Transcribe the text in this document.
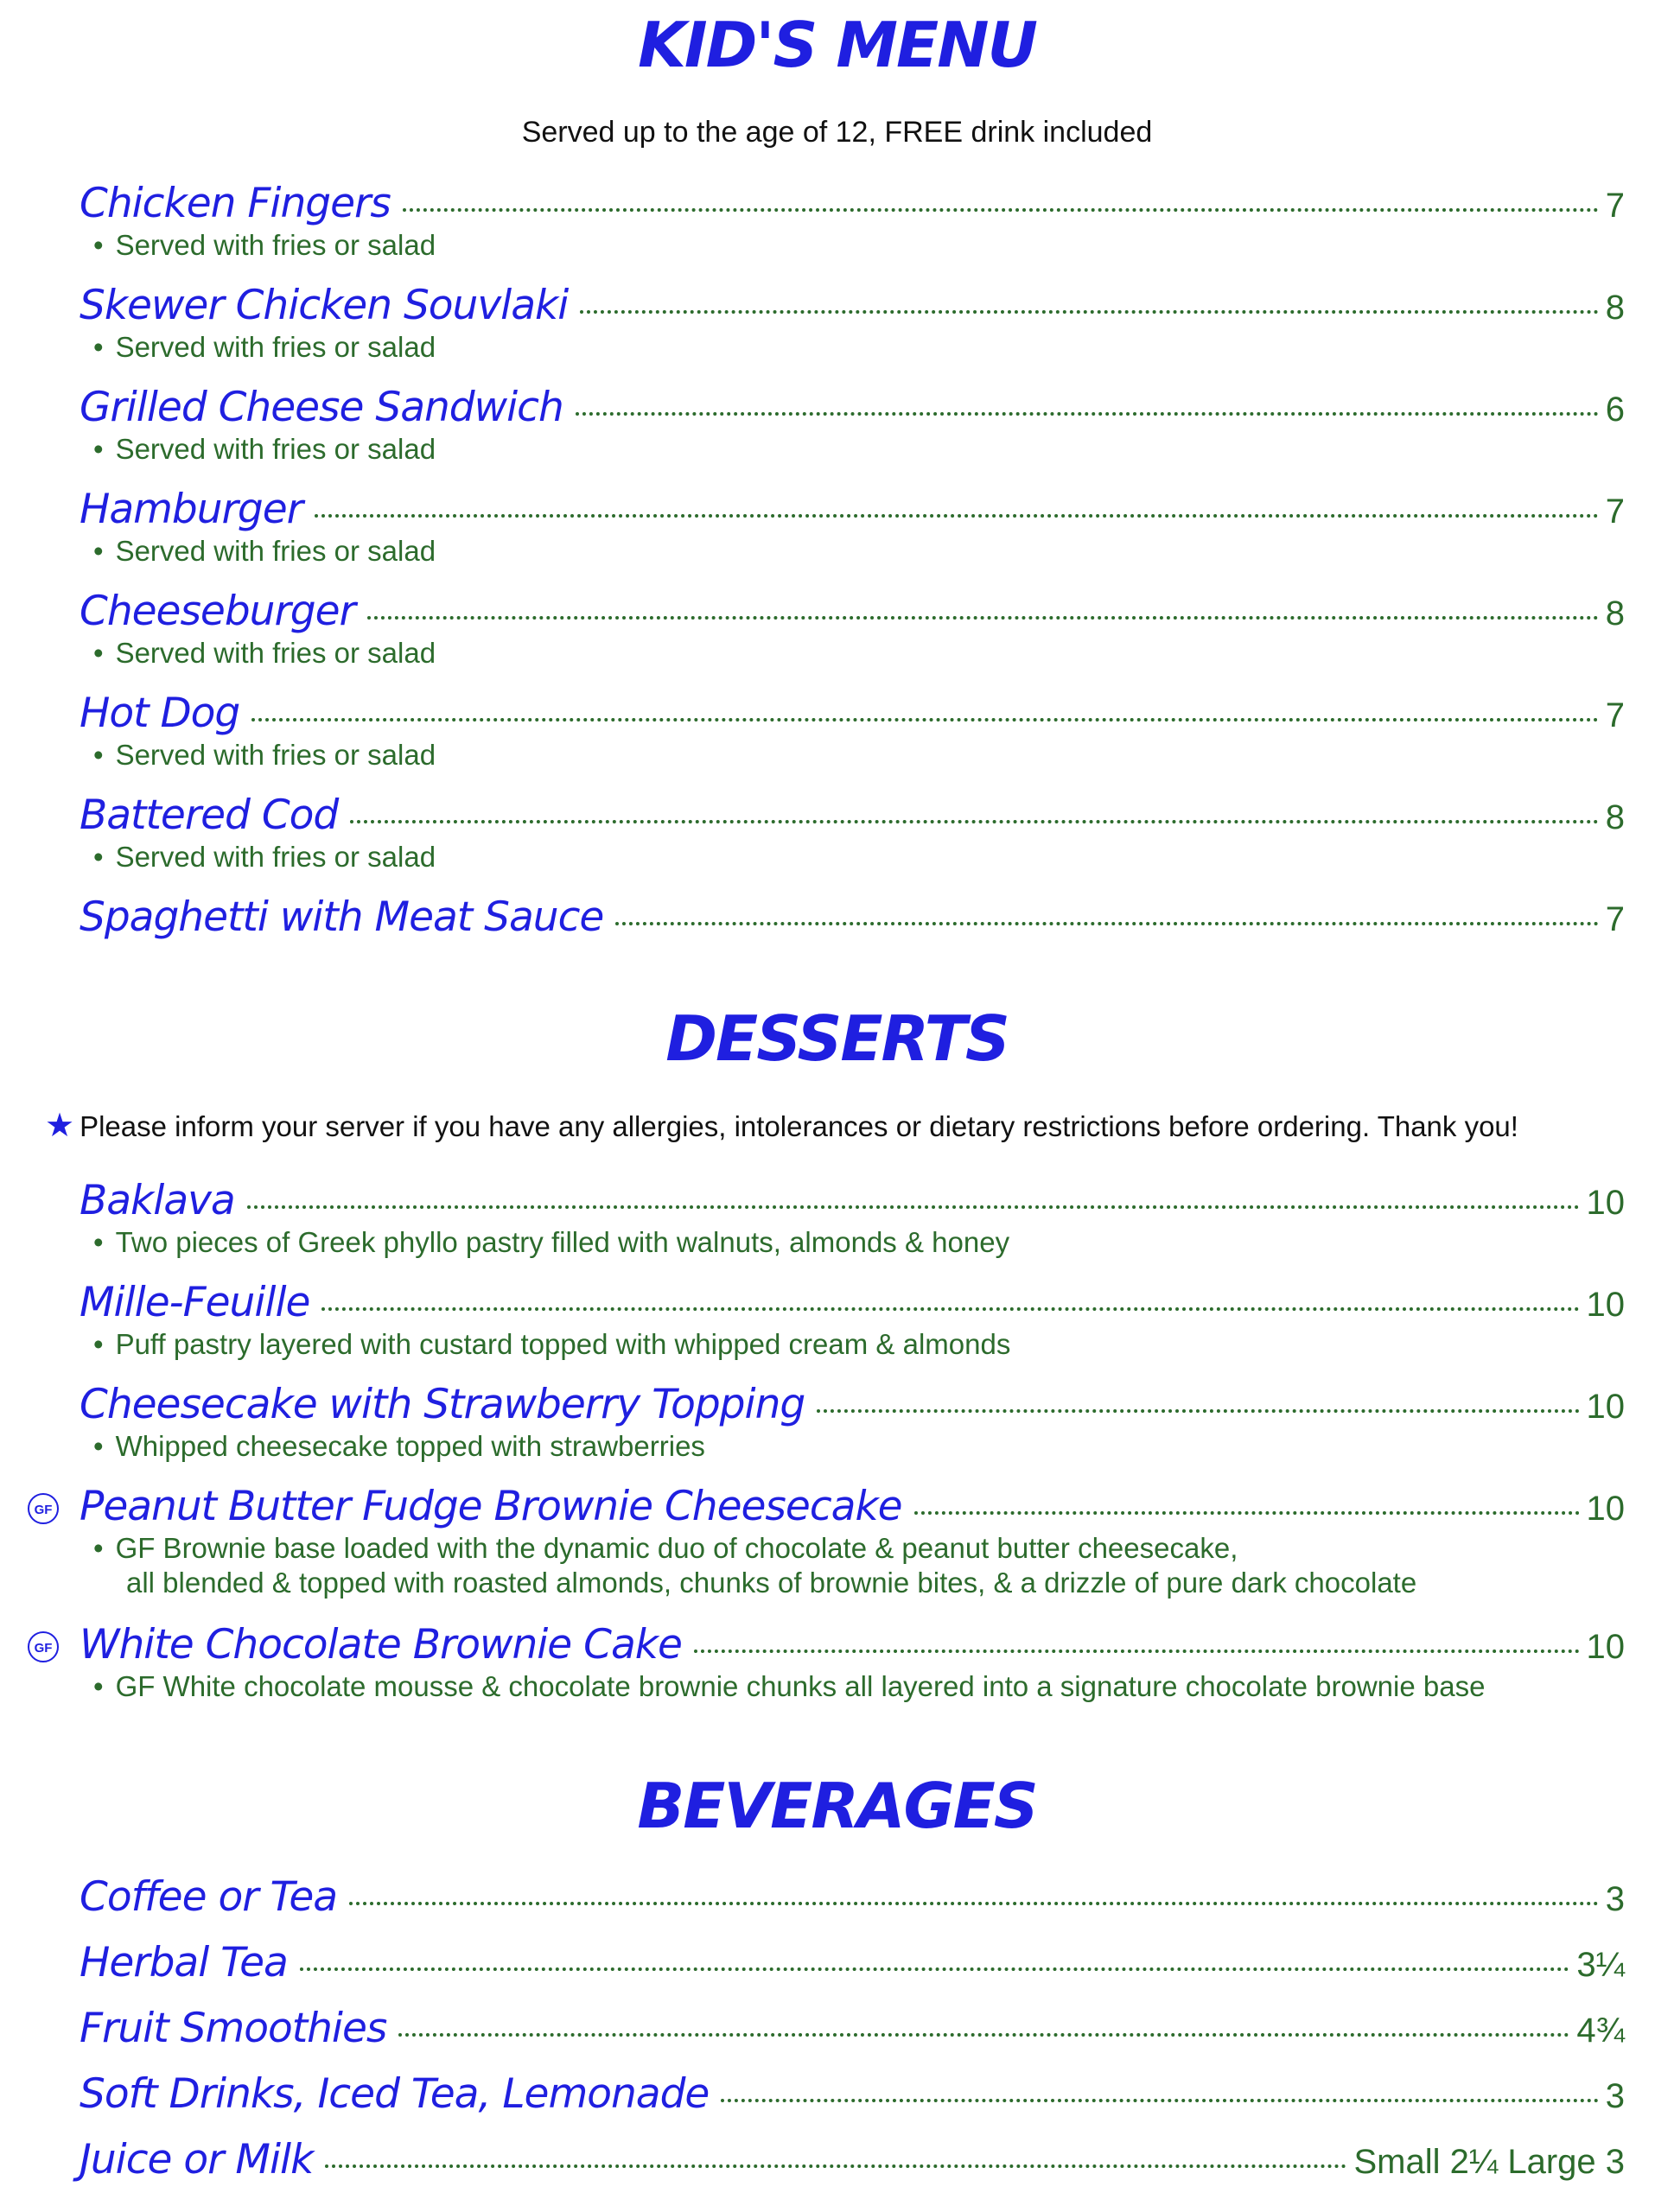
KID'S MENU
Served up to the age of 12, FREE drink included
Chicken Fingers	7
• Served with fries or salad
Skewer Chicken Souvlaki	8
• Served with fries or salad
Grilled Cheese Sandwich	6
• Served with fries or salad
Hamburger	7
• Served with fries or salad
Cheeseburger	8
• Served with fries or salad
Hot Dog	7
• Served with fries or salad
Battered Cod	8
• Served with fries or salad
Spaghetti with Meat Sauce	7
DESSERTS
★ Please inform your server if you have any allergies, intolerances or dietary restrictions before ordering. Thank you!
Baklava	10
• Two pieces of Greek phyllo pastry filled with walnuts, almonds & honey
Mille-Feuille	10
• Puff pastry layered with custard topped with whipped cream & almonds
Cheesecake with Strawberry Topping	10
• Whipped cheesecake topped with strawberries
GF Peanut Butter Fudge Brownie Cheesecake	10
• GF Brownie base loaded with the dynamic duo of chocolate & peanut butter cheesecake,
all blended & topped with roasted almonds, chunks of brownie bites, & a drizzle of pure dark chocolate
GF White Chocolate Brownie Cake	10
• GF White chocolate mousse & chocolate brownie chunks all layered into a signature chocolate brownie base
BEVERAGES
Coffee or Tea	3
Herbal Tea	3¼
Fruit Smoothies	4¾
Soft Drinks, Iced Tea, Lemonade	3
Juice or Milk	Small 2¼ Large 3
